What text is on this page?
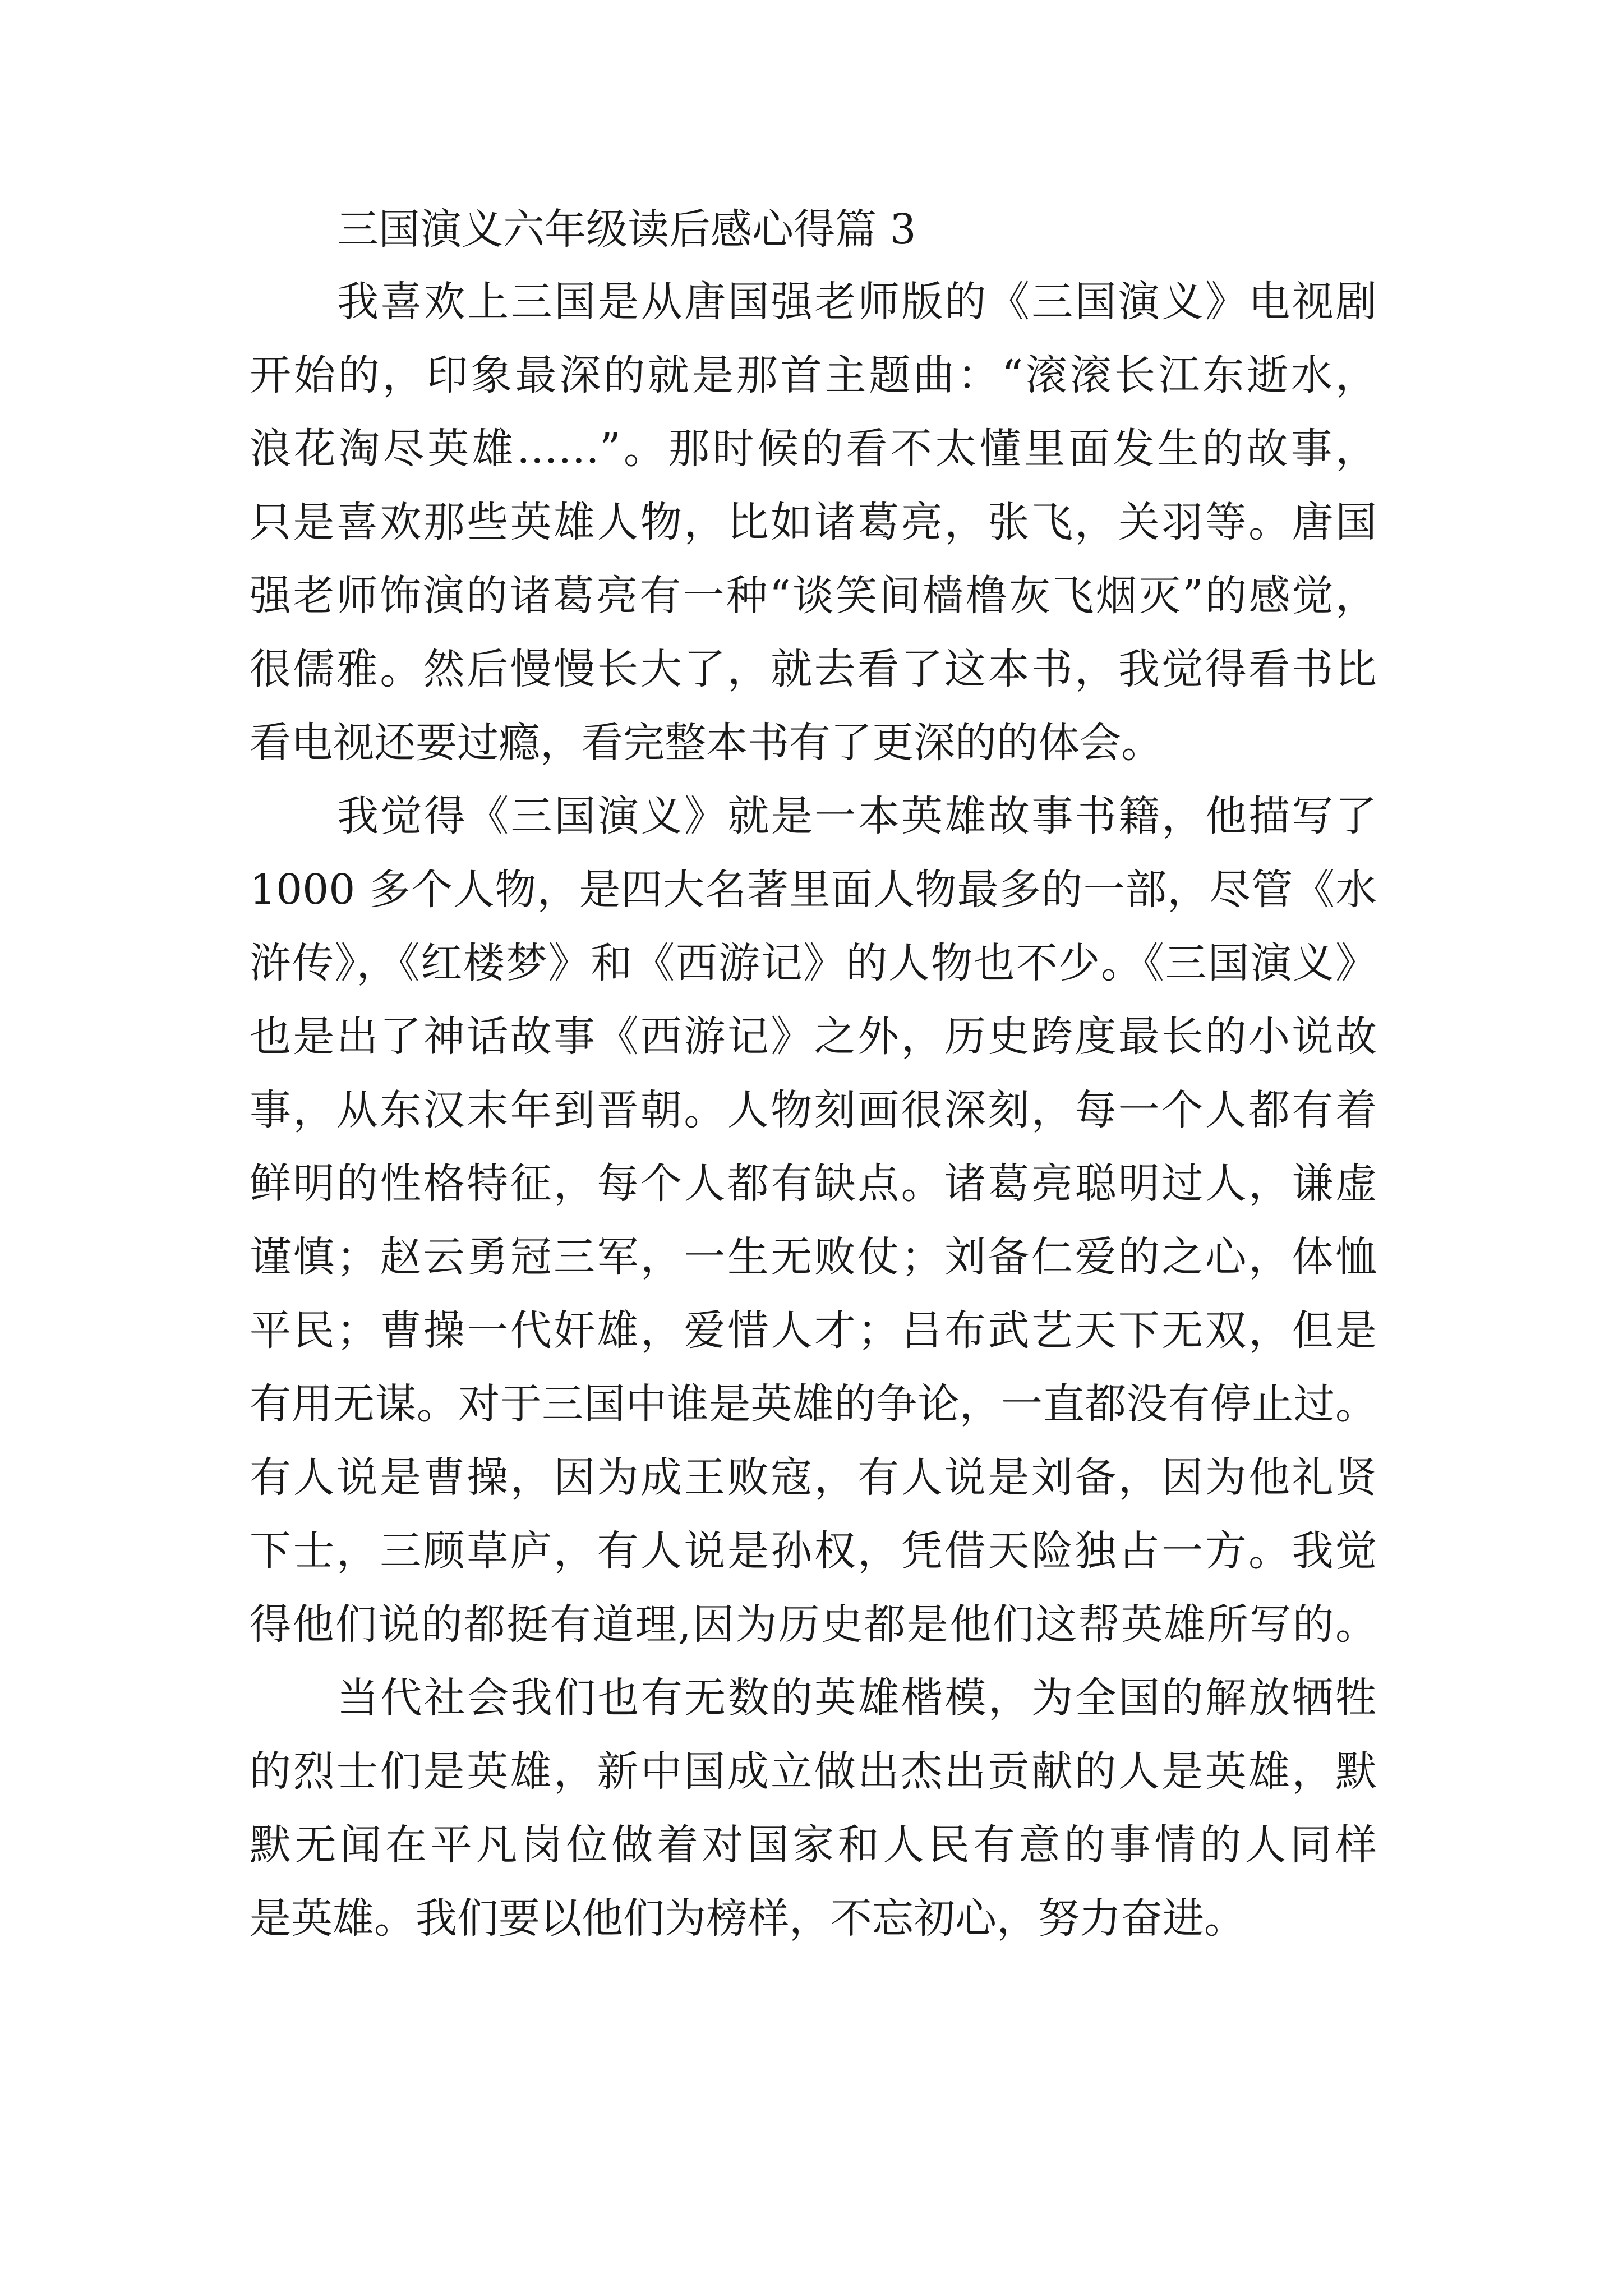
三国演义六年级读后感心得篇 3
我喜欢上三国是从唐国强老师版的《三国演义》电视剧
开始的，印象最深的就是那首主题曲：“滚滚长江东逝水，
浪花淘尽英雄……”。那时候的看不太懂里面发生的故事，
只是喜欢那些英雄人物，比如诸葛亮，张飞，关羽等。唐国
强老师饰演的诸葛亮有一种“谈笑间樯橹灰飞烟灭”的感觉，
很儒雅。然后慢慢长大了，就去看了这本书，我觉得看书比
看电视还要过瘾，看完整本书有了更深的的体会。
我觉得《三国演义》就是一本英雄故事书籍，他描写了
1000 多个人物，是四大名著里面人物最多的一部，尽管《水
浒传》，《红楼梦》和《西游记》的人物也不少。《三国演义》
也是出了神话故事《西游记》之外，历史跨度最长的小说故
事，从东汉末年到晋朝。人物刻画很深刻，每一个人都有着
鲜明的性格特征，每个人都有缺点。诸葛亮聪明过人，谦虚
谨慎；赵云勇冠三军，一生无败仗；刘备仁爱的之心，体恤
平民；曹操一代奸雄，爱惜人才；吕布武艺天下无双，但是
有用无谋。对于三国中谁是英雄的争论，一直都没有停止过。
有人说是曹操，因为成王败寇，有人说是刘备，因为他礼贤
下士，三顾草庐，有人说是孙权，凭借天险独占一方。我觉
得他们说的都挺有道理,因为历史都是他们这帮英雄所写的。
当代社会我们也有无数的英雄楷模，为全国的解放牺牲
的烈士们是英雄，新中国成立做出杰出贡献的人是英雄，默
默无闻在平凡岗位做着对国家和人民有意的事情的人同样
是英雄。我们要以他们为榜样，不忘初心，努力奋进。
